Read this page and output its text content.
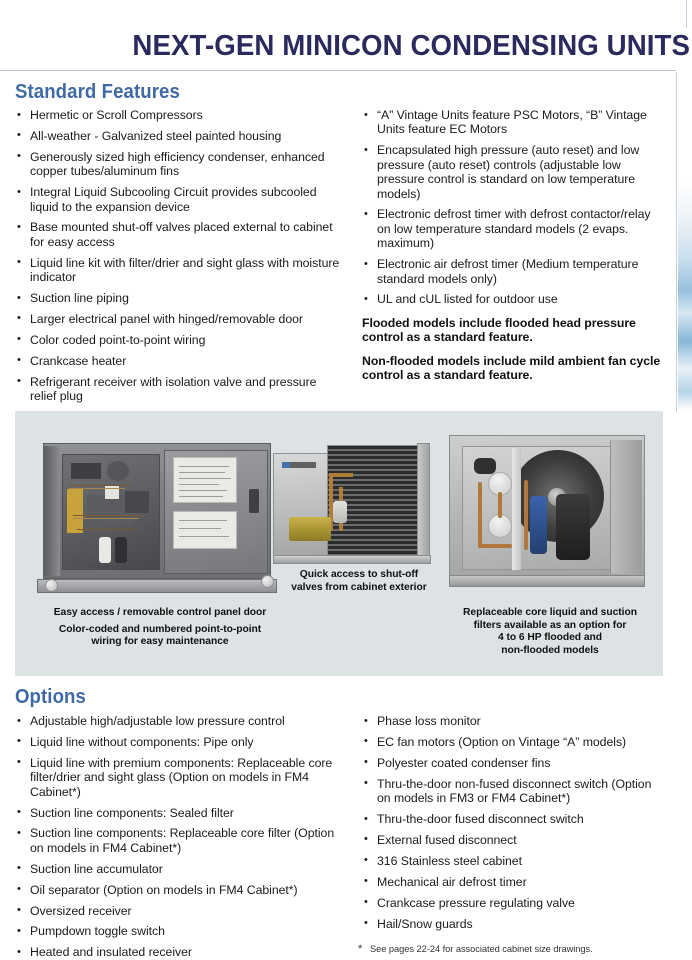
NEXT-GEN MINICON CONDENSING UNITS
Standard Features
• Hermetic or Scroll Compressors
• All-weather - Galvanized steel painted housing
• Generously sized high efficiency condenser, enhanced copper tubes/aluminum fins
• Integral Liquid Subcooling Circuit provides subcooled liquid to the expansion device
• Base mounted shut-off valves placed external to cabinet for easy access
• Liquid line kit with filter/drier and sight glass with moisture indicator
• Suction line piping
• Larger electrical panel with hinged/removable door
• Color coded point-to-point wiring
• Crankcase heater
• Refrigerant receiver with isolation valve and pressure relief plug
• “A” Vintage Units feature PSC Motors, “B” Vintage Units feature EC Motors
• Encapsulated high pressure (auto reset) and low pressure (auto reset) controls (adjustable low pressure control is standard on low temperature models)
• Electronic defrost timer with defrost contactor/relay on low temperature standard models (2 evaps. maximum)
• Electronic air defrost timer (Medium temperature standard models only)
• UL and cUL listed for outdoor use
Flooded models include flooded head pressure control as a standard feature.
Non-flooded models include mild ambient fan cycle control as a standard feature.
Quick access to shut-off
valves from cabinet exterior
Easy access / removable control panel door
Color-coded and numbered point-to-point
wiring for easy maintenance
Replaceable core liquid and suction
filters available as an option for
4 to 6 HP flooded and
non-flooded models
Options
• Adjustable high/adjustable low pressure control
• Liquid line without components: Pipe only
• Liquid line with premium components: Replaceable core filter/drier and sight glass (Option on models in FM4 Cabinet*)
• Suction line components: Sealed filter
• Suction line components: Replaceable core filter (Option on models in FM4 Cabinet*)
• Suction line accumulator
• Oil separator (Option on models in FM4 Cabinet*)
• Oversized receiver
• Pumpdown toggle switch
• Heated and insulated receiver
• Phase loss monitor
• EC fan motors (Option on Vintage “A” models)
• Polyester coated condenser fins
• Thru-the-door non-fused disconnect switch (Option on models in FM3 or FM4 Cabinet*)
• Thru-the-door fused disconnect switch
• External fused disconnect
• 316 Stainless steel cabinet
• Mechanical air defrost timer
• Crankcase pressure regulating valve
• Hail/Snow guards
* See pages 22-24 for associated cabinet size drawings.
